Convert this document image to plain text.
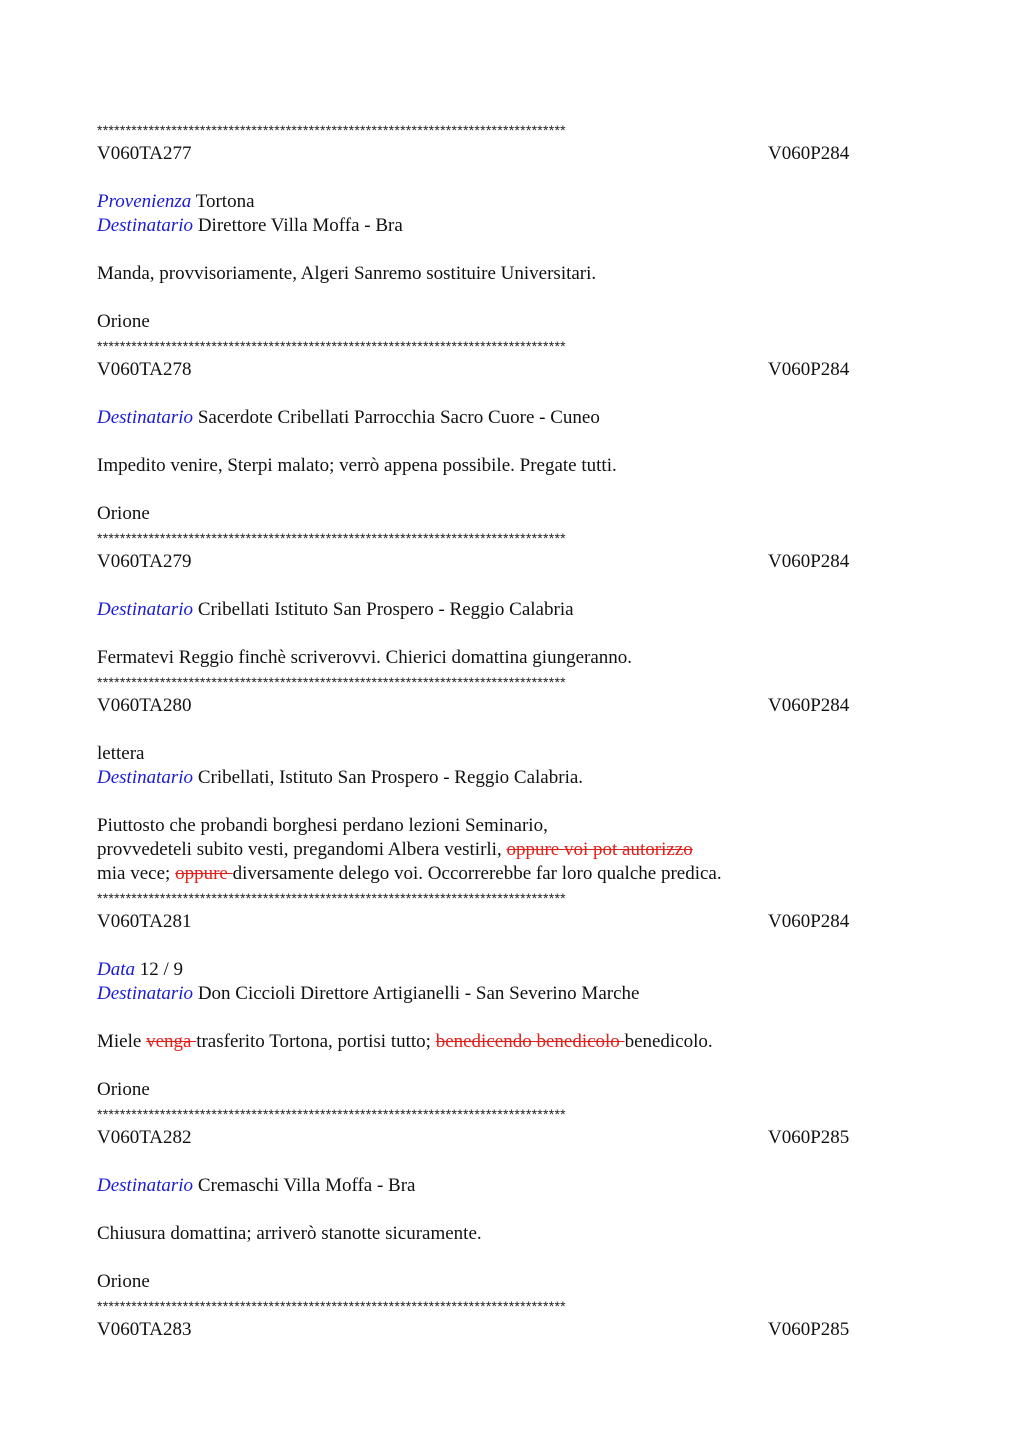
**********************************************************************************
V060TA277	V060P284
Provenienza Tortona
Destinatario Direttore Villa Moffa - Bra
Manda, provvisoriamente, Algeri Sanremo sostituire Universitari.
Orione
**********************************************************************************
V060TA278	V060P284
Destinatario Sacerdote Cribellati Parrocchia Sacro Cuore - Cuneo
Impedito venire, Sterpi malato; verrò appena possibile. Pregate tutti.
Orione
**********************************************************************************
V060TA279	V060P284
Destinatario Cribellati Istituto San Prospero - Reggio Calabria
Fermatevi Reggio finchè scriverovvi. Chierici domattina giungeranno.
**********************************************************************************
V060TA280	V060P284
lettera
Destinatario Cribellati, Istituto San Prospero - Reggio Calabria.
Piuttosto che probandi borghesi perdano lezioni Seminario,
provvedeteli subito vesti, pregandomi Albera vestirli, oppure voi pot autorizzo
mia vece; oppure diversamente delego voi. Occorrerebbe far loro qualche predica.
**********************************************************************************
V060TA281	V060P284
Data 12 / 9
Destinatario Don Ciccioli Direttore Artigianelli - San Severino Marche
Miele venga trasferito Tortona, portisi tutto; benedicendo benedicolo benedicolo.
Orione
**********************************************************************************
V060TA282	V060P285
Destinatario Cremaschi Villa Moffa - Bra
Chiusura domattina; arriverò stanotte sicuramente.
Orione
**********************************************************************************
V060TA283	V060P285
